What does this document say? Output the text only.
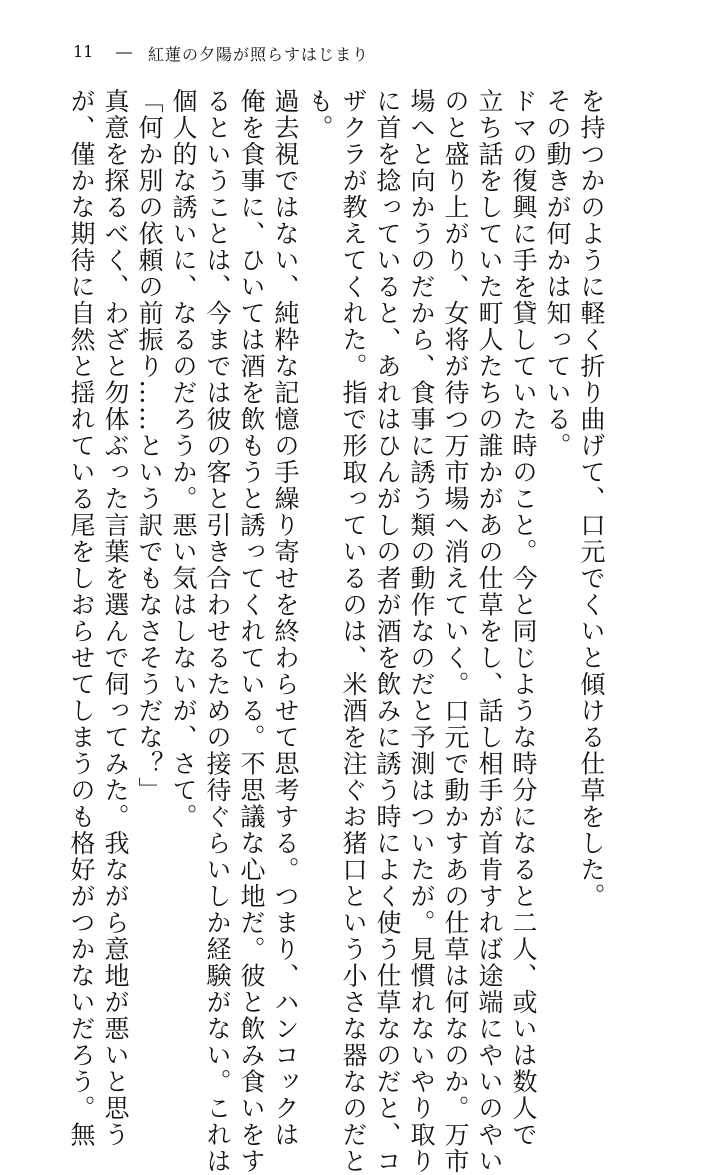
11 ― 紅蓮の夕陽が照らすはじまり
を持つかのように軽く折り曲げて、口元でくいと傾ける仕草をした。
その動きが何かは知っている。
ドマの復興に手を貸していた時のこと。今と同じような時分になると二人、或いは数人で
立ち話をしていた町人たちの誰かがあの仕草をし、話し相手が首肯すれば途端にやいのやい
のと盛り上がり、女将が待つ万市場へ消えていく。口元で動かすあの仕草は何なのか。万市
場へと向かうのだから、食事に誘う類の動作なのだと予測はついたが。見慣れないやり取り
に首を捻っていると、あれはひんがしの者が酒を飲みに誘う時によく使う仕草なのだと、コ
ザクラが教えてくれた。指で形取っているのは、米酒を注ぐお猪口という小さな器なのだと
も。
過去視ではない、純粋な記憶の手繰り寄せを終わらせて思考する。つまり、ハンコックは
俺を食事に、ひいては酒を飲もうと誘ってくれている。不思議な心地だ。彼と飲み食いをす
るということは、今までは彼の客と引き合わせるための接待ぐらいしか経験がない。これは
個人的な誘いに、なるのだろうか。悪い気はしないが、さて。
「何か別の依頼の前振り……という訳でもなさそうだな？」
真意を探るべく、わざと勿体ぶった言葉を選んで伺ってみた。我ながら意地が悪いと思う
が、僅かな期待に自然と揺れている尾をしおらせてしまうのも格好がつかないだろう。無
